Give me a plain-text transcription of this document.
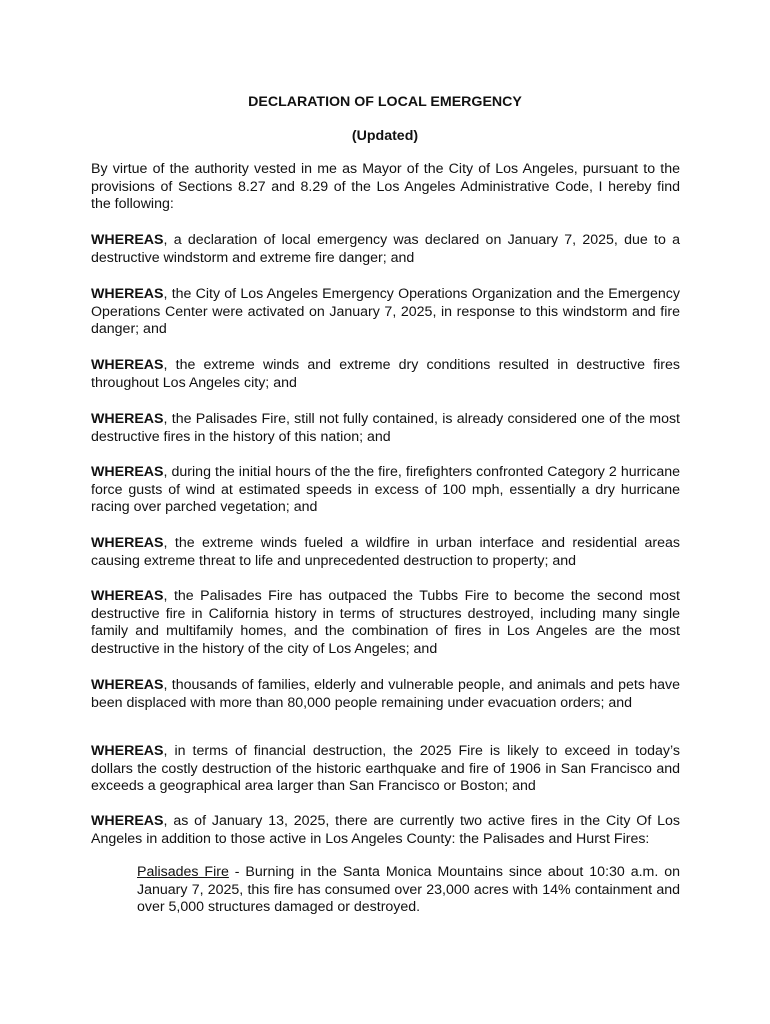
DECLARATION OF LOCAL EMERGENCY
(Updated)
By virtue of the authority vested in me as Mayor of the City of Los Angeles, pursuant to the provisions of Sections 8.27 and 8.29 of the Los Angeles Administrative Code, I hereby find the following:
WHEREAS, a declaration of local emergency was declared on January 7, 2025, due to a destructive windstorm and extreme fire danger; and
WHEREAS, the City of Los Angeles Emergency Operations Organization and the Emergency Operations Center were activated on January 7, 2025, in response to this windstorm and fire danger; and
WHEREAS, the extreme winds and extreme dry conditions resulted in destructive fires throughout Los Angeles city; and
WHEREAS, the Palisades Fire, still not fully contained, is already considered one of the most destructive fires in the history of this nation; and
WHEREAS, during the initial hours of the the fire, firefighters confronted Category 2 hurricane force gusts of wind at estimated speeds in excess of 100 mph, essentially a dry hurricane racing over parched vegetation; and
WHEREAS, the extreme winds fueled a wildfire in urban interface and residential areas causing extreme threat to life and unprecedented destruction to property; and
WHEREAS, the Palisades Fire has outpaced the Tubbs Fire to become the second most destructive fire in California history in terms of structures destroyed, including many single family and multifamily homes, and the combination of fires in Los Angeles are the most destructive in the history of the city of Los Angeles; and
WHEREAS, thousands of families, elderly and vulnerable people, and animals and pets have been displaced with more than 80,000 people remaining under evacuation orders; and
WHEREAS, in terms of financial destruction, the 2025 Fire is likely to exceed in today’s dollars the costly destruction of the historic earthquake and fire of 1906 in San Francisco and exceeds a geographical area larger than San Francisco or Boston; and
WHEREAS, as of January 13, 2025, there are currently two active fires in the City Of Los Angeles in addition to those active in Los Angeles County: the Palisades and Hurst Fires:
Palisades Fire - Burning in the Santa Monica Mountains since about 10:30 a.m. on January 7, 2025, this fire has consumed over 23,000 acres with 14% containment and over 5,000 structures damaged or destroyed.
